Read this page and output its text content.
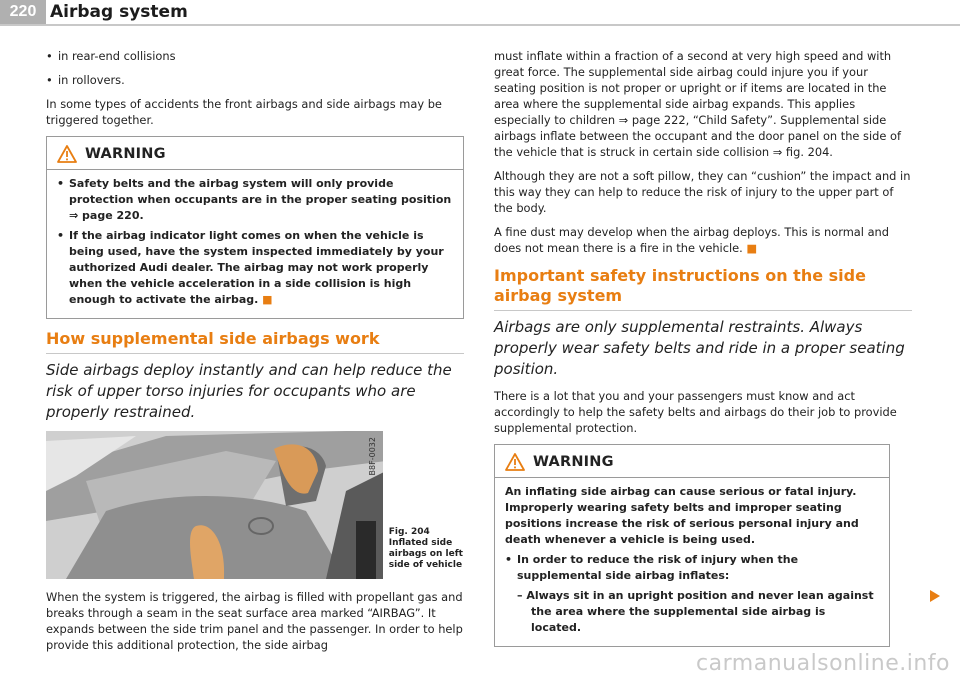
220 Airbag system

• in rear-end collisions

• in rollovers.

In some types of accidents the front airbags and side airbags may be triggered together.

WARNING

• Safety belts and the airbag system will only provide protection when occupants are in the proper seating position ⇒ page 220.

• If the airbag indicator light comes on when the vehicle is being used, have the system inspected immediately by your authorized Audi dealer. The airbag may not work properly when the vehicle acceleration in a side collision is high enough to activate the airbag. ■

How supplemental side airbags work

Side airbags deploy instantly and can help reduce the risk of upper torso injuries for occupants who are properly restrained.

B8F-0032
Fig. 204 Inflated side airbags on left side of vehicle

When the system is triggered, the airbag is filled with propellant gas and breaks through a seam in the seat surface area marked “AIRBAG”. It expands between the side trim panel and the passenger. In order to help provide this additional protection, the side airbag

must inflate within a fraction of a second at very high speed and with great force. The supplemental side airbag could injure you if your seating position is not proper or upright or if items are located in the area where the supplemental side airbag expands. This applies especially to children ⇒ page 222, “Child Safety”. Supplemental side airbags inflate between the occupant and the door panel on the side of the vehicle that is struck in certain side collision ⇒ fig. 204.

Although they are not a soft pillow, they can “cushion” the impact and in this way they can help to reduce the risk of injury to the upper part of the body.

A fine dust may develop when the airbag deploys. This is normal and does not mean there is a fire in the vehicle. ■

Important safety instructions on the side airbag system

Airbags are only supplemental restraints. Always properly wear safety belts and ride in a proper seating position.

There is a lot that you and your passengers must know and act accordingly to help the safety belts and airbags do their job to provide supplemental protection.

WARNING

An inflating side airbag can cause serious or fatal injury. Improperly wearing safety belts and improper seating positions increase the risk of serious personal injury and death whenever a vehicle is being used.

• In order to reduce the risk of injury when the supplemental side airbag inflates:

– Always sit in an upright position and never lean against the area where the supplemental side airbag is located.

carmanualsonline.info
